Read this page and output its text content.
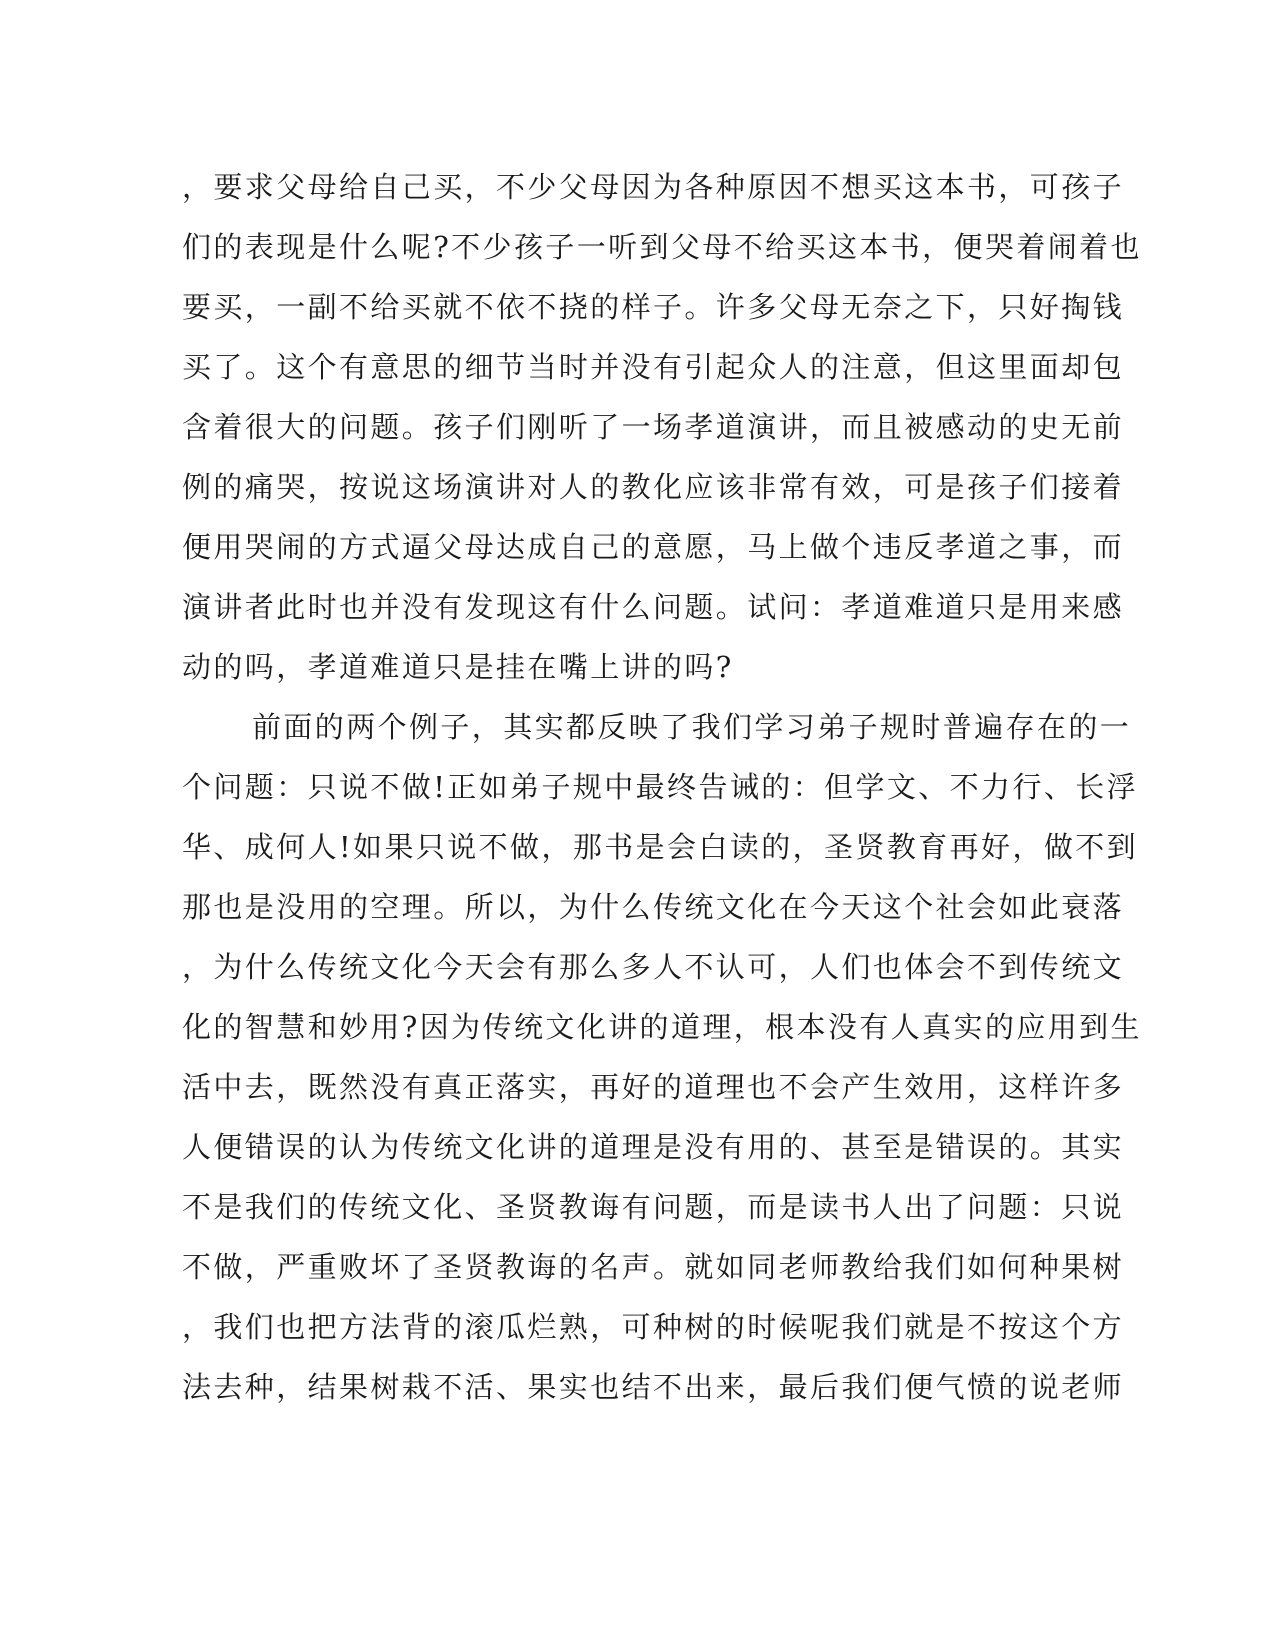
，要求父母给自己买，不少父母因为各种原因不想买这本书，可孩子
们的表现是什么呢?不少孩子一听到父母不给买这本书，便哭着闹着也
要买，一副不给买就不依不挠的样子。许多父母无奈之下，只好掏钱
买了。这个有意思的细节当时并没有引起众人的注意，但这里面却包
含着很大的问题。孩子们刚听了一场孝道演讲，而且被感动的史无前
例的痛哭，按说这场演讲对人的教化应该非常有效，可是孩子们接着
便用哭闹的方式逼父母达成自己的意愿，马上做个违反孝道之事，而
演讲者此时也并没有发现这有什么问题。试问：孝道难道只是用来感
动的吗，孝道难道只是挂在嘴上讲的吗?
前面的两个例子，其实都反映了我们学习弟子规时普遍存在的一
个问题：只说不做!正如弟子规中最终告诫的：但学文、不力行、长浮
华、成何人!如果只说不做，那书是会白读的，圣贤教育再好，做不到
那也是没用的空理。所以，为什么传统文化在今天这个社会如此衰落
，为什么传统文化今天会有那么多人不认可，人们也体会不到传统文
化的智慧和妙用?因为传统文化讲的道理，根本没有人真实的应用到生
活中去，既然没有真正落实，再好的道理也不会产生效用，这样许多
人便错误的认为传统文化讲的道理是没有用的、甚至是错误的。其实
不是我们的传统文化、圣贤教诲有问题，而是读书人出了问题：只说
不做，严重败坏了圣贤教诲的名声。就如同老师教给我们如何种果树
，我们也把方法背的滚瓜烂熟，可种树的时候呢我们就是不按这个方
法去种，结果树栽不活、果实也结不出来，最后我们便气愤的说老师
